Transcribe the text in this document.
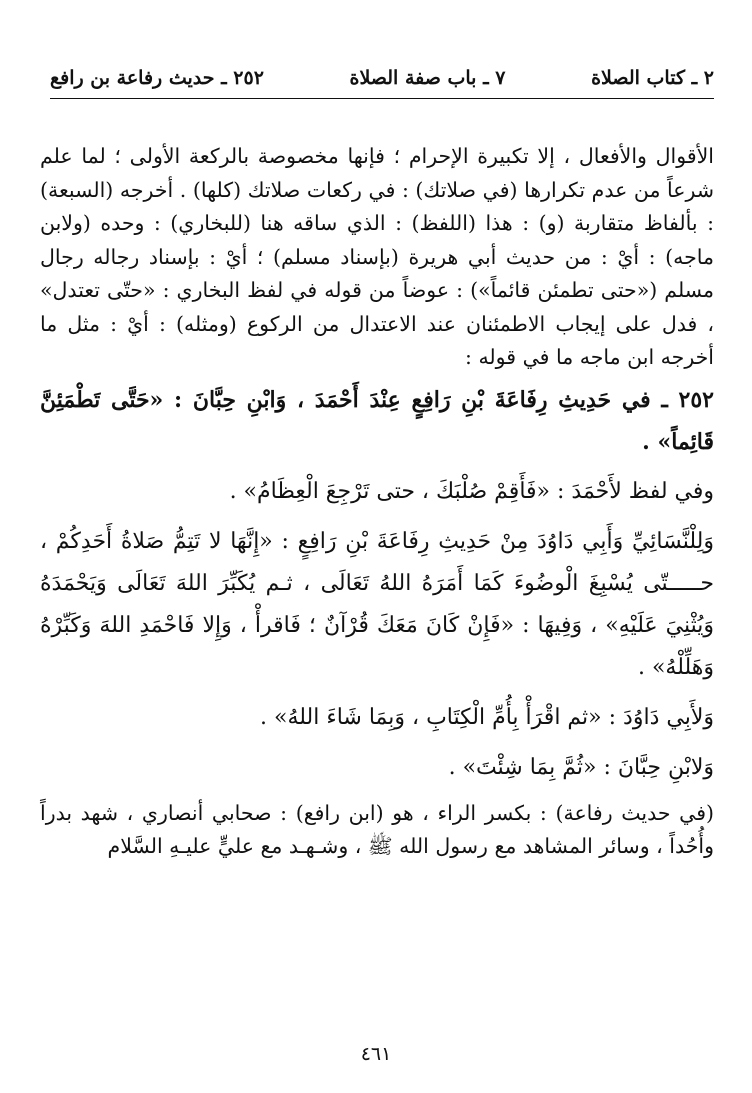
٢ ـ كتاب الصلاة
٧ ـ باب صفة الصلاة
٢٥٢ ـ حديث رفاعة بن رافع

الأقوال والأفعال ، إلا تكبيرة الإحرام ؛ فإنها مخصوصة بالركعة الأولى ؛ لما علم شرعاً من عدم تكرارها (في صلاتك) : في ركعات صلاتك (كلها) . أخرجه (السبعة) : بألفاظ متقاربة (و) : هذا (اللفظ) : الذي ساقه هنا (للبخاري) : وحده (ولابن ماجه) : أيْ : من حديث أبي هريرة (بإسناد مسلم) ؛ أيْ : بإسناد رجاله رجال مسلم («حتى تطمئن قائماً») : عوضاً من قوله في لفظ البخاري : «حتّى تعتدل» ، فدل على إيجاب الاطمئنان عند الاعتدال من الركوع (ومثله) : أيْ : مثل ما أخرجه ابن ماجه ما في قوله :

٢٥٢ ـ في حَدِيثِ رِفَاعَةَ بْنِ رَافِعٍ عِنْدَ أَحْمَدَ ، وَابْنِ حِبَّانَ : «حَتَّى تَطْمَئِنَّ قَائِماً» .

وفي لفظ لأَحْمَدَ : «فَأَقِمْ صُلْبَكَ ، حتى تَرْجِعَ الْعِظَامُ» .

وَلِلْنَّسَائِيِّ وَأَبِي دَاوُدَ مِنْ حَدِيثِ رِفَاعَةَ بْنِ رَافِعٍ : «إِنَّهَا لا تَتِمُّ صَلاةُ أَحَدِكُمْ ، حـــــتّى يُسْبِغَ الْوضُوءَ كَمَا أَمَرَهُ اللهُ تَعَالَى ، ثـم يُكَبِّرَ اللهَ تَعَالَى وَيَحْمَدَهُ وَيُثْنِيَ عَلَيْهِ» ، وَفِيهَا : «فَإِنْ كَانَ مَعَكَ قُرْآنٌ ؛ فَاقرأْ ، وَإِلا فَاحْمَدِ اللهَ وَكَبِّرْهُ وَهَلِّلْهُ» .

وَلأَبِي دَاوُدَ : «ثم اقْرَأْ بِأُمِّ الْكِتَابِ ، وَبِمَا شَاءَ اللهُ» .

وَلابْنِ حِبَّانَ : «ثُمَّ بِمَا شِئْتَ» .

(في حديث رفاعة) : بكسر الراء ، هو (ابن رافع) : صحابي أنصاري ، شهد بدراً وأُحُداً ، وسائر المشاهد مع رسول الله ﷺ ، وشـهـد مع عليٍّ عليـهِ السَّلام

٤٦١
